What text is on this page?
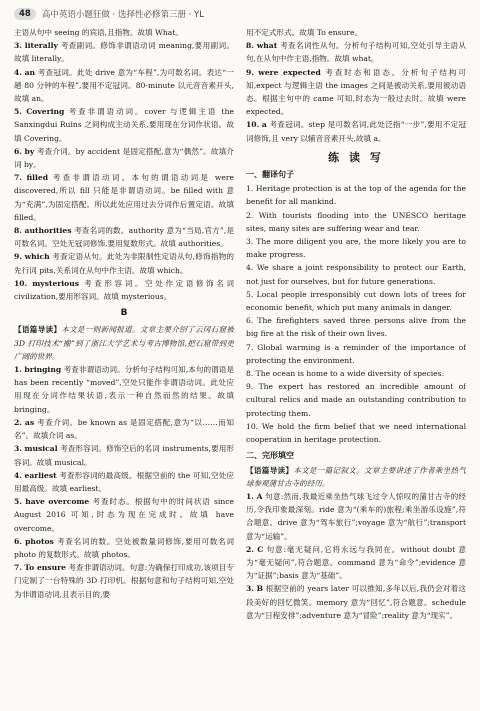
48	高中英语小题狂做 · 选择性必修第三册 · YL

主语从句中 seeing 的宾语,且指物。故填 What。

3. literally 考查副词。修饰非谓语动词 meaning,要用副词。故填 literally。

4. an 考查冠词。此处 drive 意为“车程”,为可数名词。表达“一趟 80 分钟的车程”,要用不定冠词。80-minute 以元音音素开头,故填 an。

5. Covering 考查非谓语动词。cover 与逻辑主语 the Sanxingdui Ruins 之间构成主动关系,要用现在分词作状语。故填 Covering。

6. by 考查介词。by accident 是固定搭配,意为“偶然”。故填介词 by。

7. filled 考查非谓语动词。本句的谓语动词是 were discovered,所以 fill 只能是非谓语动词。be filled with 意为“充满”,为固定搭配。所以此处应用过去分词作后置定语。故填 filled。

8. authorities 考查名词的数。authority 意为“当局,官方”,是可数名词。空处无冠词修饰,要用复数形式。故填 authorities。

9. which 考查定语从句。此处为非限制性定语从句,修饰指物的先行词 pits,关系词在从句中作主语。故填 which。

10. mysterious 考查形容词。空处作定语修饰名词 civilization,要用形容词。故填 mysterious。

B

【语篇导读】本文是一则新闻报道。文章主要介绍了云冈石窟被 3D 打印技术“搬”到了浙江大学艺术与考古博物馆,把石窟带到更广阔的世界。

1. bringing 考查非谓语动词。分析句子结构可知,本句的谓语是 has been recently “moved”,空处只能作非谓语动词。此处应用现在分词作结果状语,表示一种自然而然的结果。故填 bringing。

2. as 考查介词。be known as 是固定搭配,意为“以……而知名”。故填介词 as。

3. musical 考查形容词。修饰空后的名词 instruments,要用形容词。故填 musical。

4. earliest 考查形容词的最高级。根据空前的 the 可知,空处应用最高级。故填 earliest。

5. have overcome 考查时态。根据句中的时间状语 since August 2016 可知,时态为现在完成时。故填 have overcome。

6. photos 考查名词的数。空处被数量词修饰,要用可数名词 photo 的复数形式。故填 photos。

7. To ensure 考查非谓语动词。句意:为确保打印成功,该项目专门定制了一台特殊的 3D 打印机。根据句意和句子结构可知,空处为非谓语动词,且表示目的,要

用不定式形式。故填 To ensure。

8. what 考查名词性从句。分析句子结构可知,空处引导主语从句,在从句中作主语,指物。故填 what。

9. were expected 考查时态和语态。分析句子结构可知,expect 与逻辑主语 the images 之间是被动关系,要用被动语态。根据主句中的 came 可知,时态为一般过去时。故填 were expected。

10. a 考查冠词。step 是可数名词,此处泛指“一步”,要用不定冠词修饰,且 very 以辅音音素开头,故填 a。

练 读 写
一、翻译句子

1. Heritage protection is at the top of the agenda for the benefit for all mankind.

2. With tourists flooding into the UNESCO heritage sites, many sites are suffering wear and tear.

3. The more diligent you are, the more likely you are to make progress.

4. We share a joint responsibility to protect our Earth, not just for ourselves, but for future generations.

5. Local people irresponsibly cut down lots of trees for economic benefit, which put many animals in danger.

6. The firefighters saved three persons alive from the big fire at the risk of their own lives.

7. Global warming is a reminder of the importance of protecting the environment.

8. The ocean is home to a wide diversity of species.

9. The expert has restored an incredible amount of cultural relics and made an outstanding contribution to protecting them.

10. We hold the firm belief that we need international cooperation in heritage protection.

二、完形填空

【语篇导读】本文是一篇记叙文。文章主要讲述了作者乘坐热气球参观蒲甘古寺的经历。

1. A 句意:然而,我最近乘坐热气球飞过令人惊叹的蒲甘古寺的经历,令我印象最深刻。ride 意为“(乘车的)旅程;乘坐游乐设施”,符合题意。drive 意为“驾车旅行”;voyage 意为“航行”;transport 意为“运输”。

2. C 句意:毫无疑问,它将永远与我同在。without doubt 意为“毫无疑问”,符合题意。command 意为“命令”;evidence 意为“证据”;basis 意为“基础”。

3. B 根据空前的 years later 可以推知,多年以后,我仍会对着这段美好的回忆微笑。memory 意为“回忆”,符合题意。schedule 意为“日程安排”;adventure 意为“冒险”;reality 意为“现实”。
